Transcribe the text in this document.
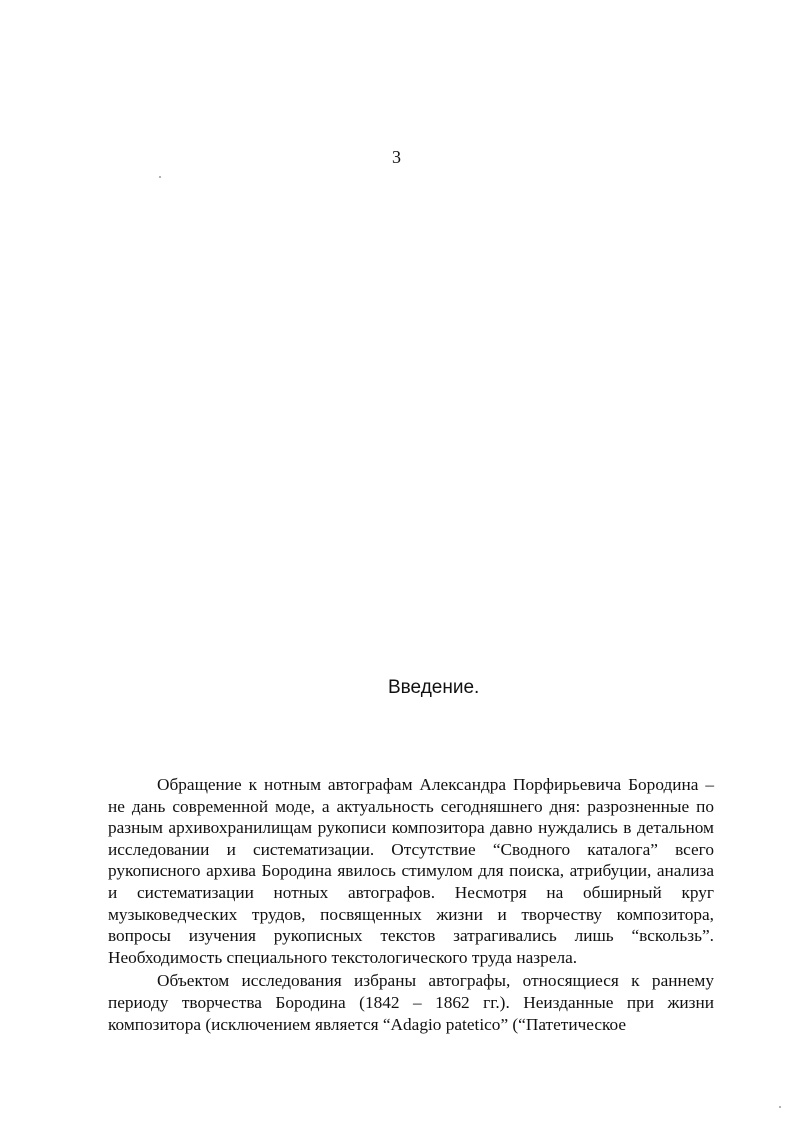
3
Введение.

Обращение к нотным автографам Александра Порфирьевича Бородина – не дань современной моде, а актуальность сегодняшнего дня: разрозненные по разным архивохранилищам рукописи композитора давно нуждались в детальном исследовании и систематизации. Отсутствие “Сводного каталога” всего рукописного архива Бородина явилось стимулом для поиска, атрибуции, анализа и систематизации нотных автографов. Несмотря на обширный круг музыковедческих трудов, посвященных жизни и творчеству композитора, вопросы изучения рукописных текстов затрагивались лишь “вскользь”. Необходимость специального текстологического труда назрела.

Объектом исследования избраны автографы, относящиеся к раннему периоду творчества Бородина (1842 – 1862 гг.). Неизданные при жизни композитора (исключением является “Adagio patetico” (“Патетическое
